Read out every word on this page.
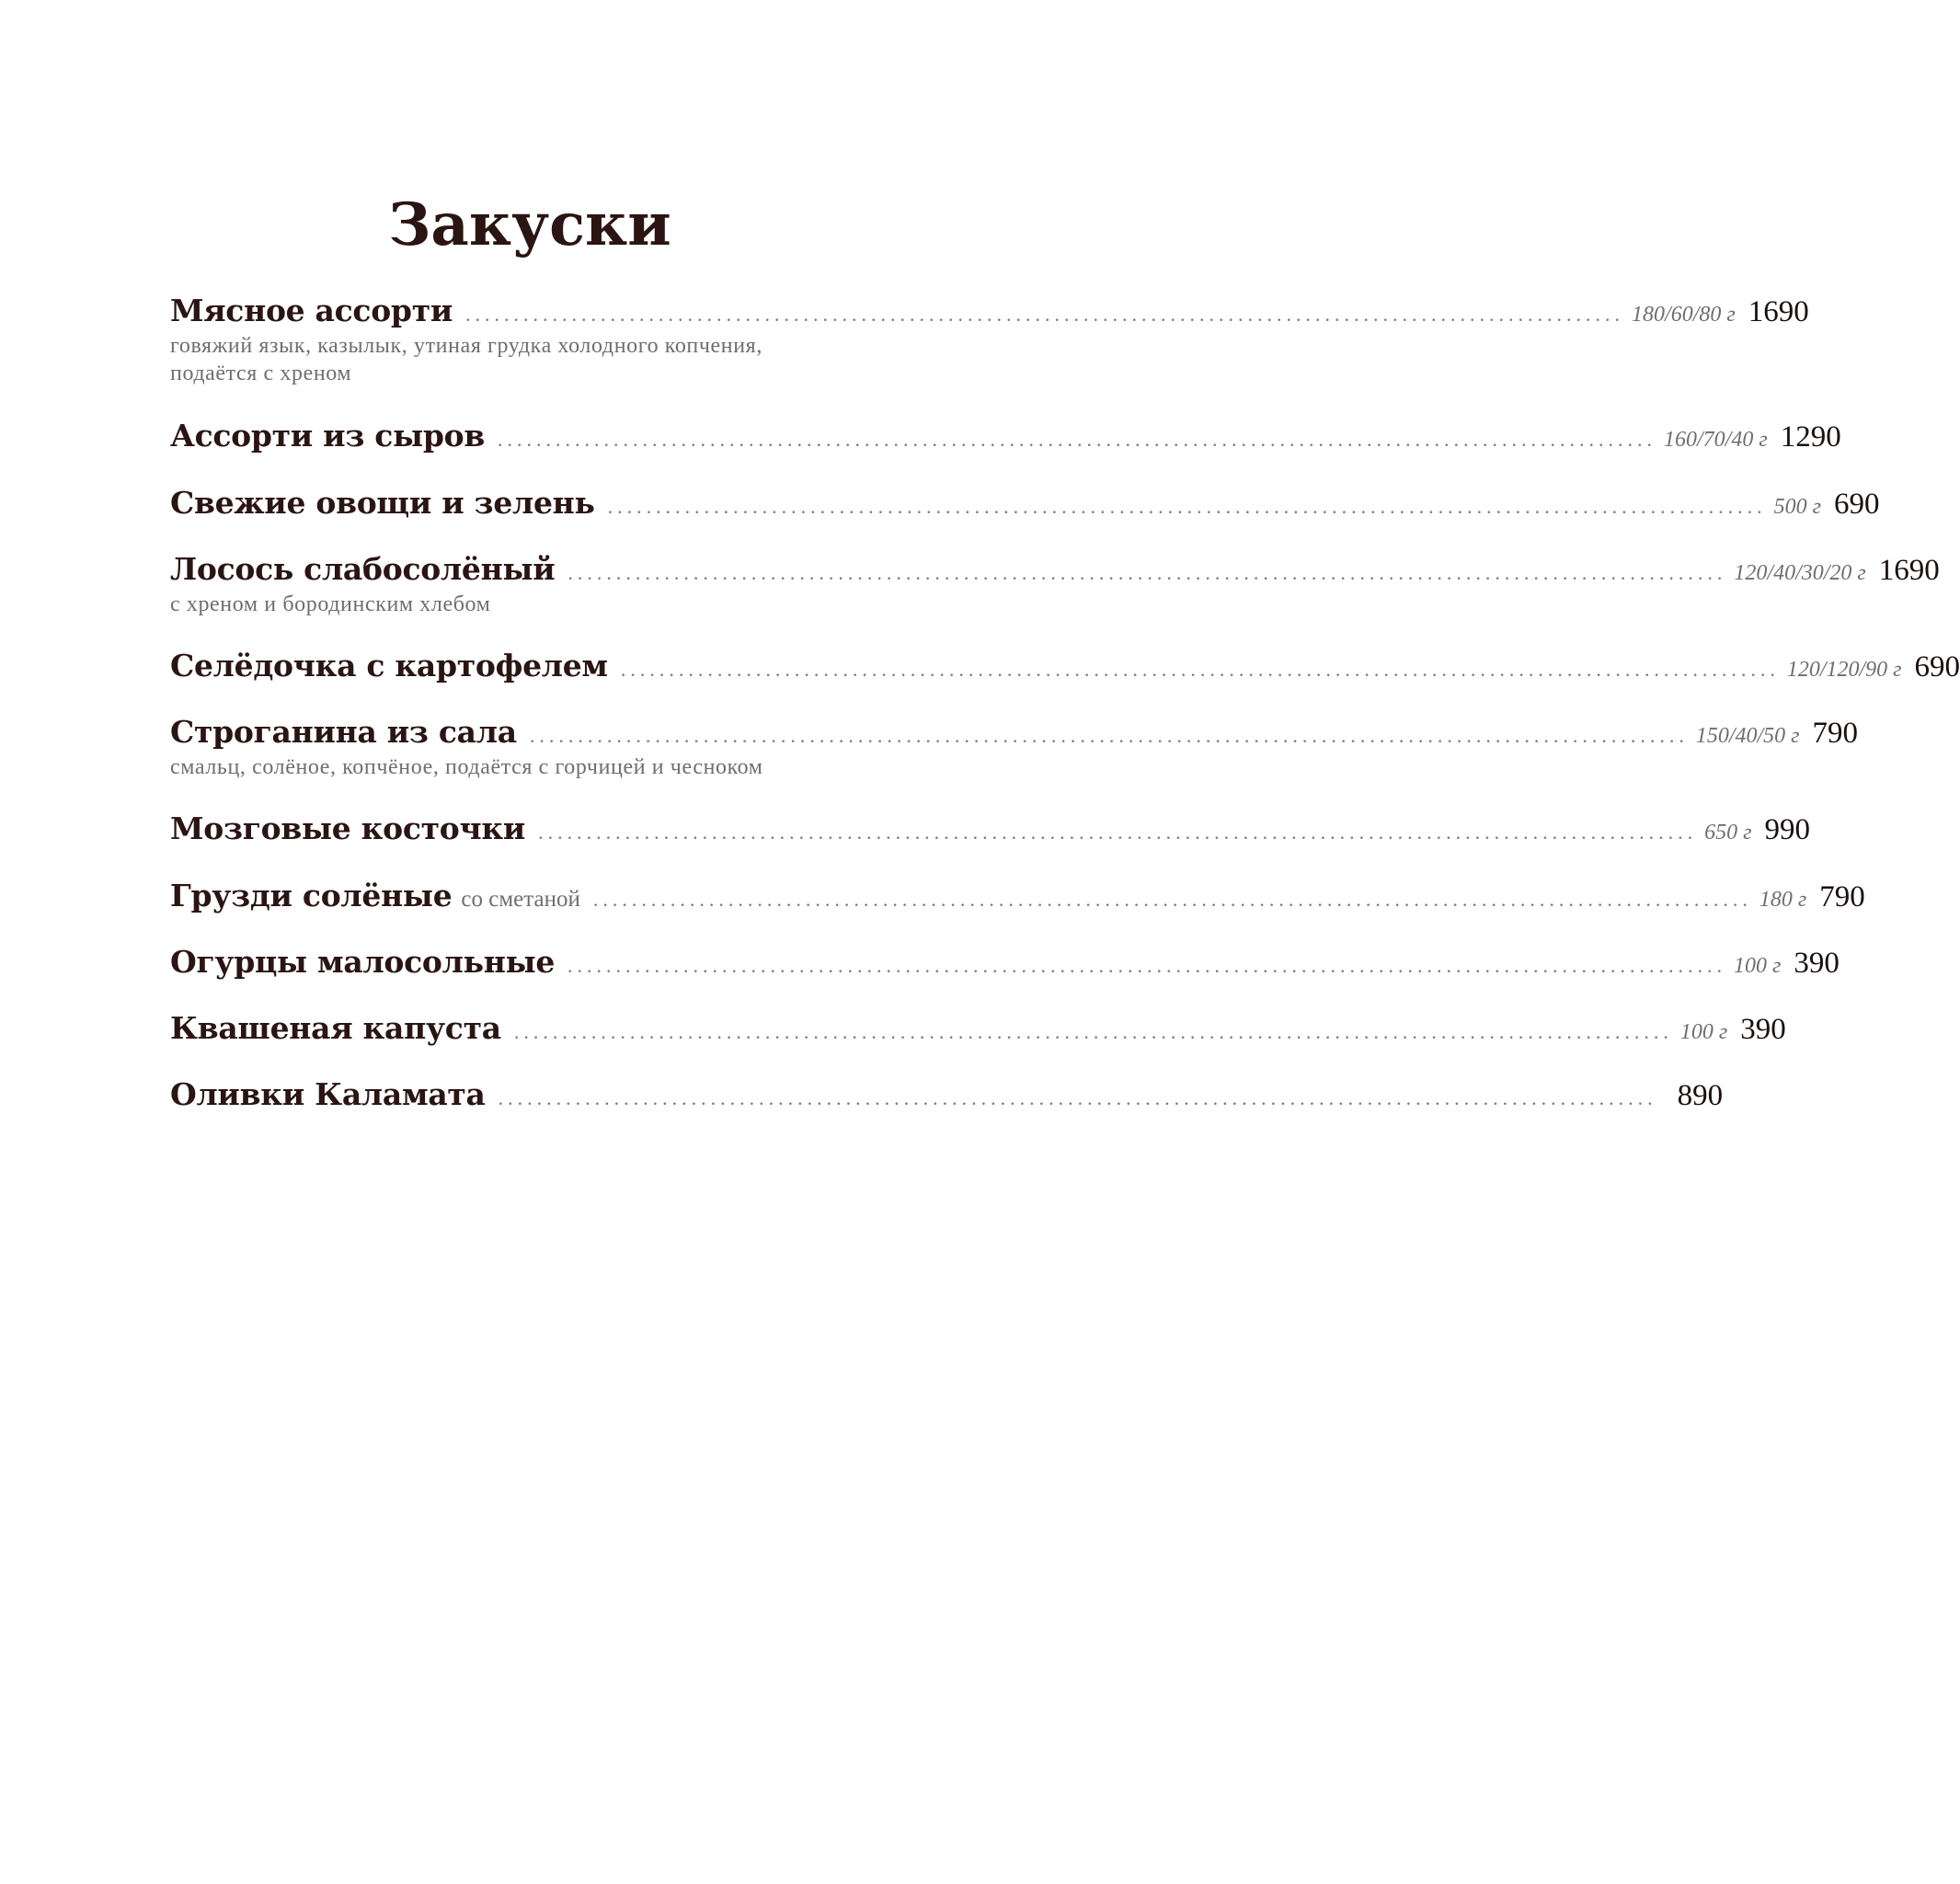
Закуски
Мясное ассорти ........................................................................................................................ 180/60/80 г 1690
говяжий язык, казылык, утиная грудка холодного копчения,
подаётся с хреном
Ассорти из сыров ........................................................................................................................ 160/70/40 г 1290
Свежие овощи и зелень ........................................................................................................................ 500 г 690
Лосось слабосолёный ........................................................................................................................ 120/40/30/20 г 1690
с хреном и бородинским хлебом
Селёдочка с картофелем ........................................................................................................................ 120/120/90 г 690
Строганина из сала ........................................................................................................................ 150/40/50 г 790
смальц, солёное, копчёное, подаётся с горчицей и чесноком
Мозговые косточки ........................................................................................................................ 650 г 990
Грузди солёные со сметаной ........................................................................................................................ 180 г 790
Огурцы малосольные ........................................................................................................................ 100 г 390
Квашеная капуста ........................................................................................................................ 100 г 390
Оливки Каламата ........................................................................................................................ 890
